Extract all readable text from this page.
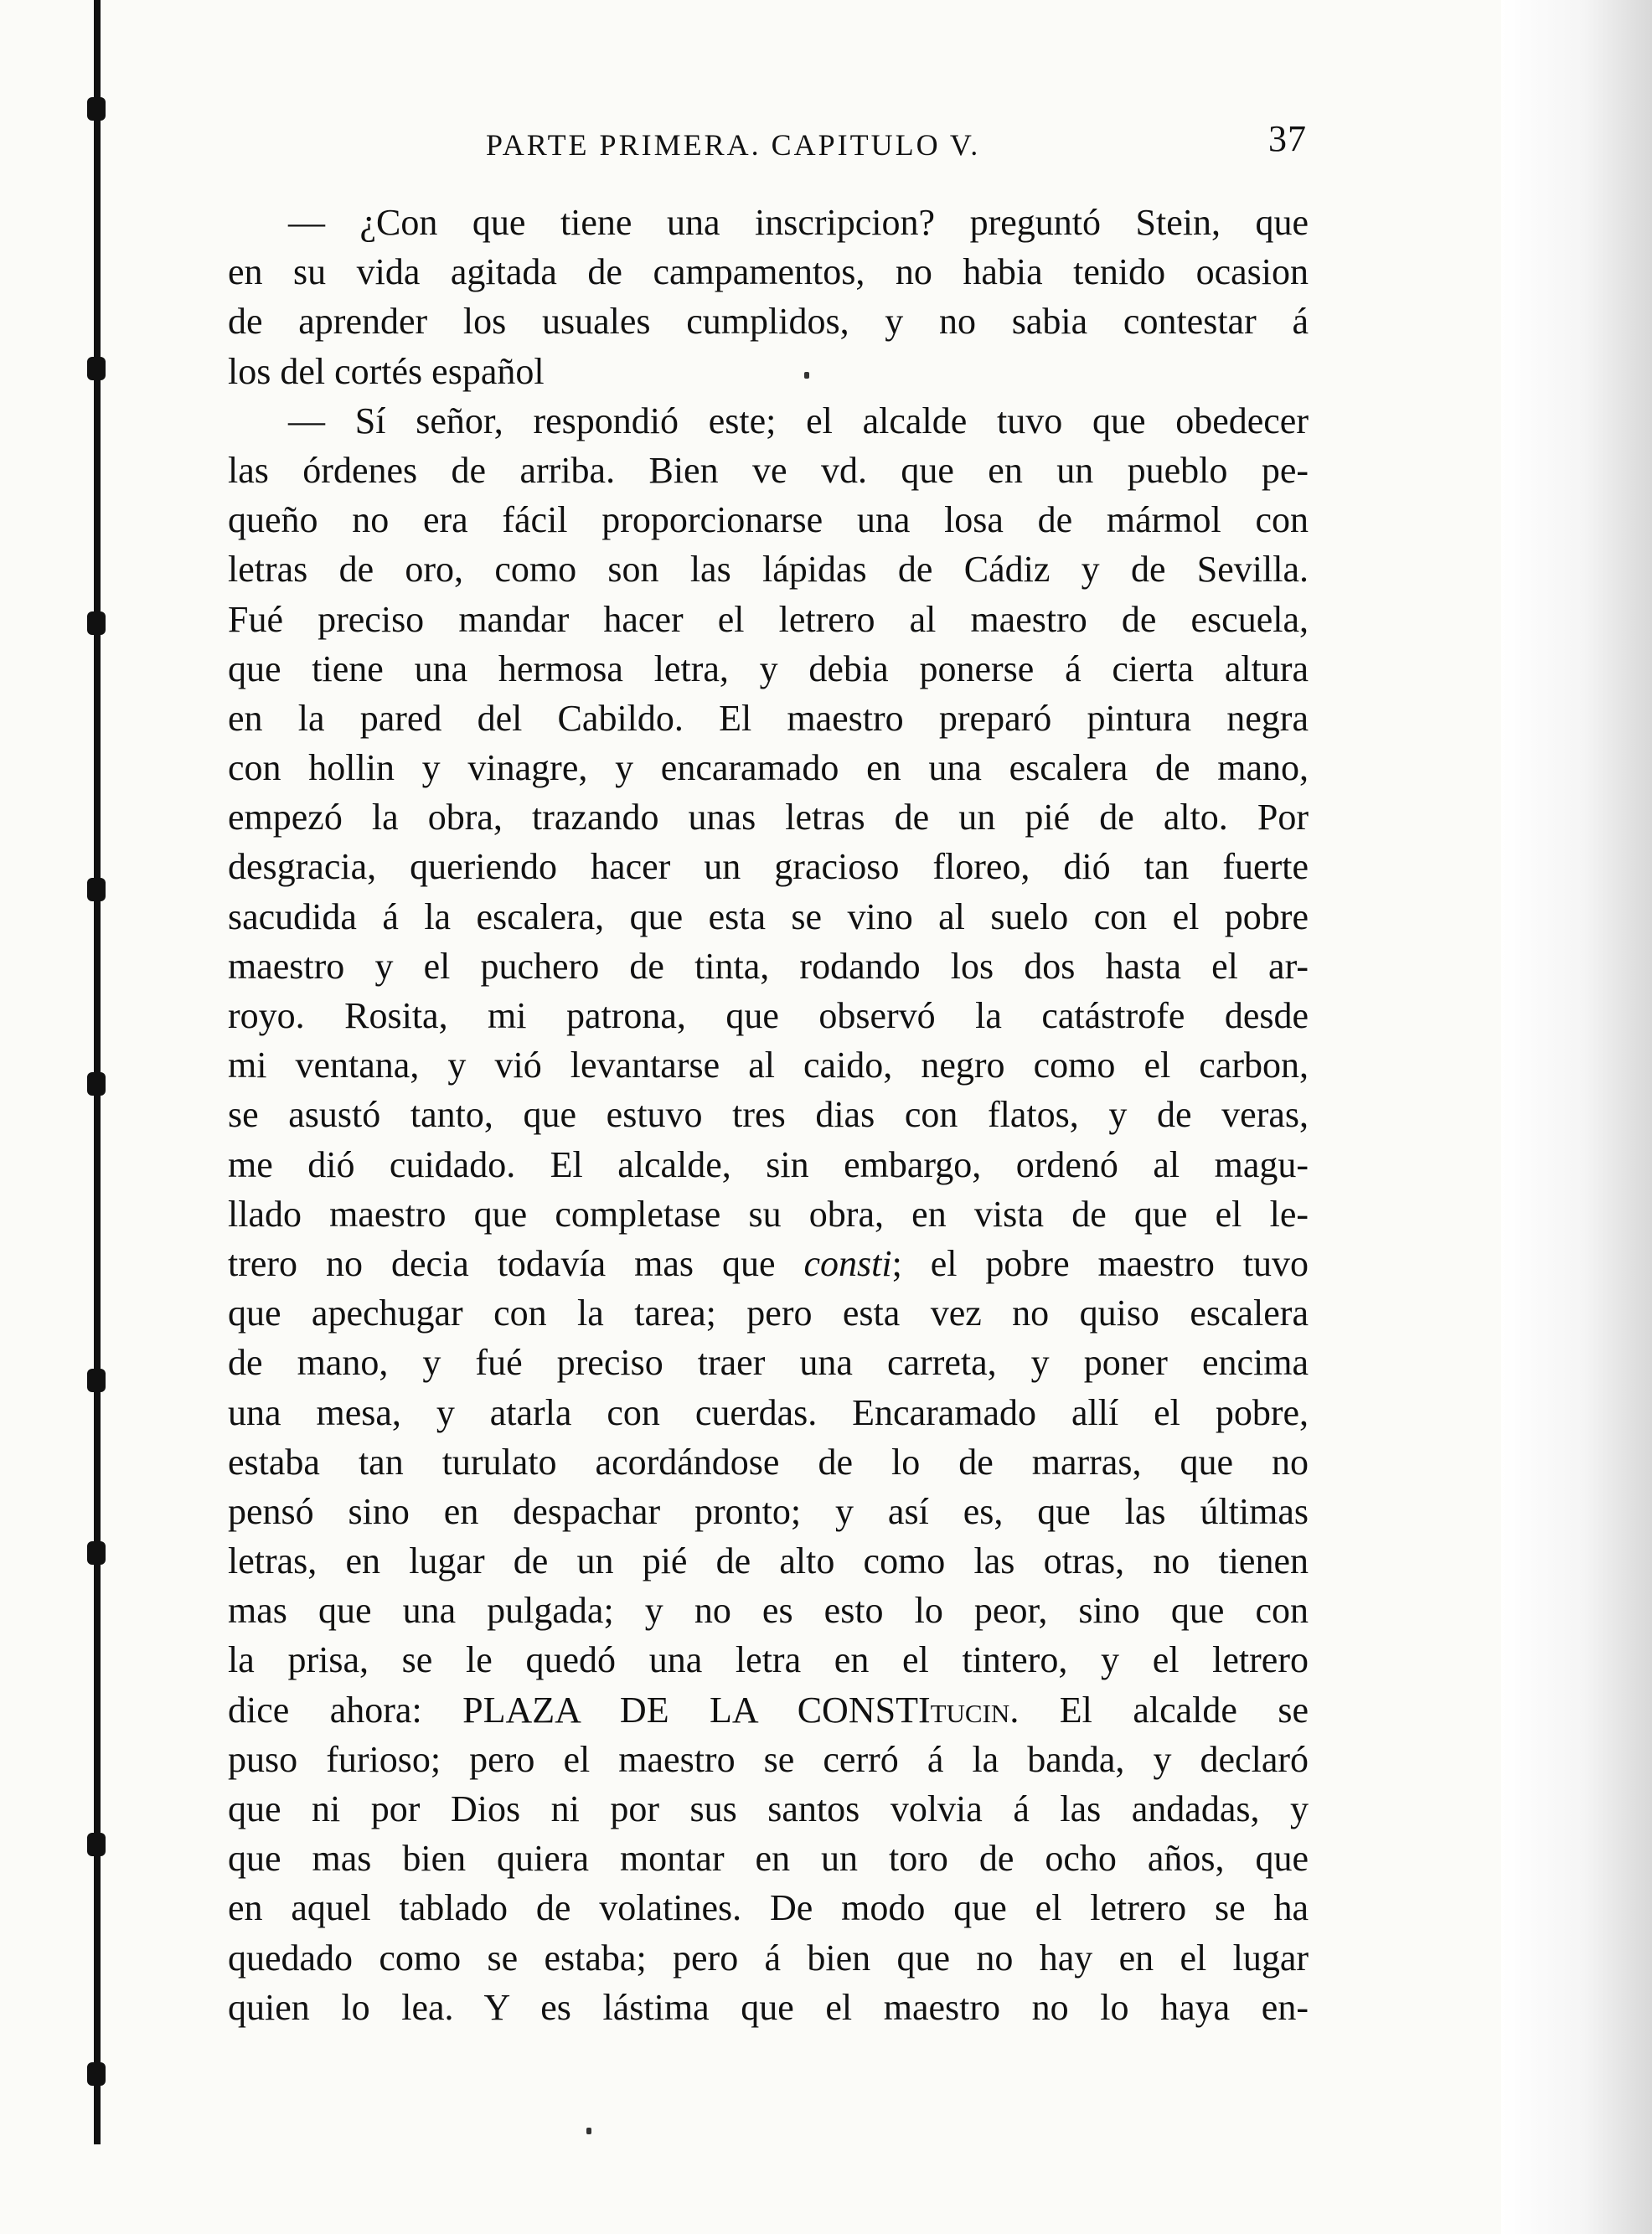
PARTE PRIMERA. CAPITULO V.	37
— ¿Con que tiene una inscripcion? preguntó Stein, que
en su vida agitada de campamentos, no habia tenido ocasion
de aprender los usuales cumplidos, y no sabia contestar á
los del cortés español
— Sí señor, respondió este; el alcalde tuvo que obedecer
las órdenes de arriba. Bien ve vd. que en un pueblo pe-
queño no era fácil proporcionarse una losa de mármol con
letras de oro, como son las lápidas de Cádiz y de Sevilla.
Fué preciso mandar hacer el letrero al maestro de escuela,
que tiene una hermosa letra, y debia ponerse á cierta altura
en la pared del Cabildo. El maestro preparó pintura negra
con hollin y vinagre, y encaramado en una escalera de mano,
empezó la obra, trazando unas letras de un pié de alto. Por
desgracia, queriendo hacer un gracioso floreo, dió tan fuerte
sacudida á la escalera, que esta se vino al suelo con el pobre
maestro y el puchero de tinta, rodando los dos hasta el ar-
royo. Rosita, mi patrona, que observó la catástrofe desde
mi ventana, y vió levantarse al caido, negro como el carbon,
se asustó tanto, que estuvo tres dias con flatos, y de veras,
me dió cuidado. El alcalde, sin embargo, ordenó al magu-
llado maestro que completase su obra, en vista de que el le-
trero no decia todavía mas que consti; el pobre maestro tuvo
que apechugar con la tarea; pero esta vez no quiso escalera
de mano, y fué preciso traer una carreta, y poner encima
una mesa, y atarla con cuerdas. Encaramado allí el pobre,
estaba tan turulato acordándose de lo de marras, que no
pensó sino en despachar pronto; y así es, que las últimas
letras, en lugar de un pié de alto como las otras, no tienen
mas que una pulgada; y no es esto lo peor, sino que con
la prisa, se le quedó una letra en el tintero, y el letrero
dice ahora: PLAZA DE LA CONSTItucin. El alcalde se
puso furioso; pero el maestro se cerró á la banda, y declaró
que ni por Dios ni por sus santos volvia á las andadas, y
que mas bien quiera montar en un toro de ocho años, que
en aquel tablado de volatines. De modo que el letrero se ha
quedado como se estaba; pero á bien que no hay en el lugar
quien lo lea. Y es lástima que el maestro no lo haya en-
